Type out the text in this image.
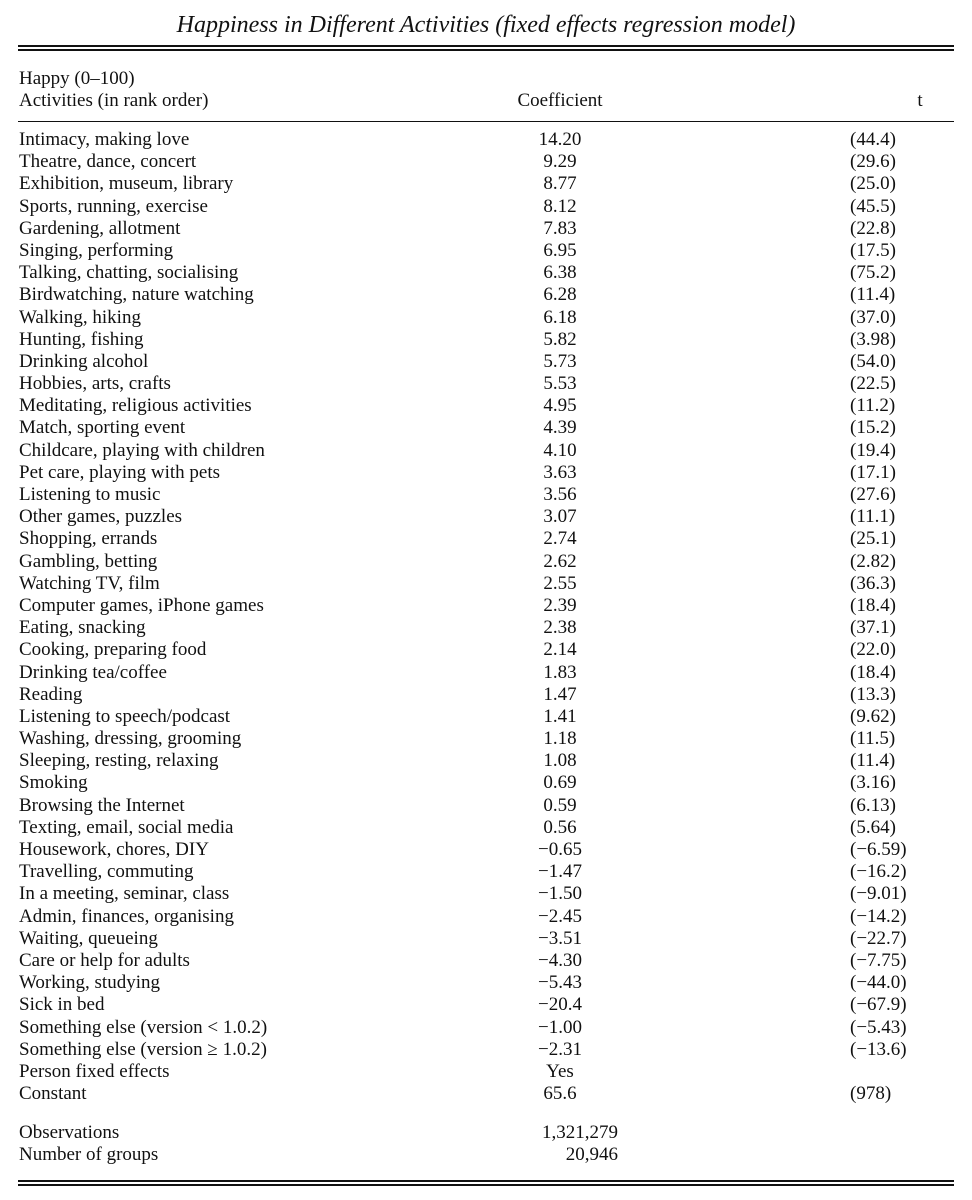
Happiness in Different Activities (fixed effects regression model)
Happy (0–100)
Activities (in rank order)	Coefficient	t
Intimacy, making love	14.20	(44.4)
Theatre, dance, concert	9.29	(29.6)
Exhibition, museum, library	8.77	(25.0)
Sports, running, exercise	8.12	(45.5)
Gardening, allotment	7.83	(22.8)
Singing, performing	6.95	(17.5)
Talking, chatting, socialising	6.38	(75.2)
Birdwatching, nature watching	6.28	(11.4)
Walking, hiking	6.18	(37.0)
Hunting, fishing	5.82	(3.98)
Drinking alcohol	5.73	(54.0)
Hobbies, arts, crafts	5.53	(22.5)
Meditating, religious activities	4.95	(11.2)
Match, sporting event	4.39	(15.2)
Childcare, playing with children	4.10	(19.4)
Pet care, playing with pets	3.63	(17.1)
Listening to music	3.56	(27.6)
Other games, puzzles	3.07	(11.1)
Shopping, errands	2.74	(25.1)
Gambling, betting	2.62	(2.82)
Watching TV, film	2.55	(36.3)
Computer games, iPhone games	2.39	(18.4)
Eating, snacking	2.38	(37.1)
Cooking, preparing food	2.14	(22.0)
Drinking tea/coffee	1.83	(18.4)
Reading	1.47	(13.3)
Listening to speech/podcast	1.41	(9.62)
Washing, dressing, grooming	1.18	(11.5)
Sleeping, resting, relaxing	1.08	(11.4)
Smoking	0.69	(3.16)
Browsing the Internet	0.59	(6.13)
Texting, email, social media	0.56	(5.64)
Housework, chores, DIY	−0.65	(−6.59)
Travelling, commuting	−1.47	(−16.2)
In a meeting, seminar, class	−1.50	(−9.01)
Admin, finances, organising	−2.45	(−14.2)
Waiting, queueing	−3.51	(−22.7)
Care or help for adults	−4.30	(−7.75)
Working, studying	−5.43	(−44.0)
Sick in bed	−20.4	(−67.9)
Something else (version < 1.0.2)	−1.00	(−5.43)
Something else (version ≥ 1.0.2)	−2.31	(−13.6)
Person fixed effects	Yes
Constant	65.6	(978)
Observations	1,321,279
Number of groups	20,946
